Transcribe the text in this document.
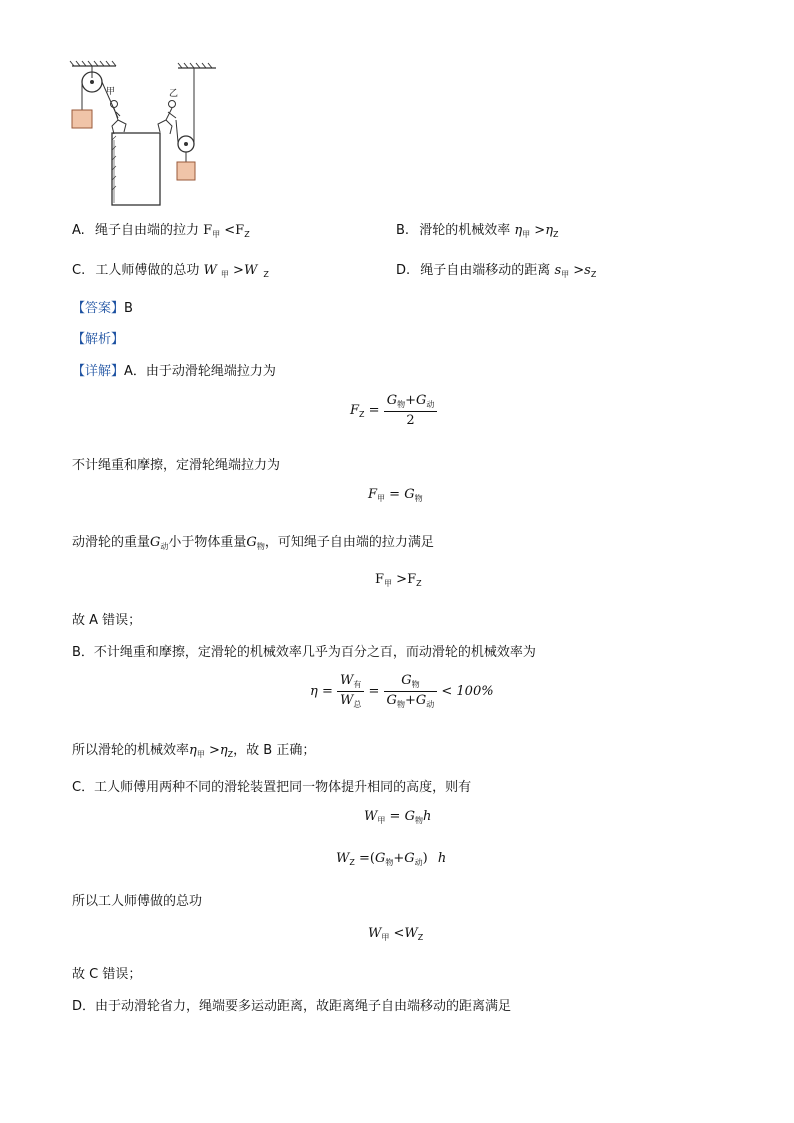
甲	乙
A. 绳子自由端的拉力 $F_甲 <F_Z$	B. 滑轮的机械效率 $\eta_甲 >\eta_Z$
C. 工人师傅做的总功 W $_甲$ >W $_Z$	D. 绳子自由端移动的距离 $s_甲 >s_Z$
【答案】B
【解析】
【详解】A．由于动滑轮绳端拉力为
$F_Z = \frac{G_物+G_动}{2}$
不计绳重和摩擦，定滑轮绳端拉力为
$F_甲 = G_物$
动滑轮的重量$G_动$小于物体重量$G_物$，可知绳子自由端的拉力满足
$F_甲 >F_Z$
故 A 错误；
B．不计绳重和摩擦，定滑轮的机械效率几乎为百分之百，而动滑轮的机械效率为
$\eta = \frac{W_有}{W_总} = \frac{G_物}{G_物+G_动} < 100\%$
所以滑轮的机械效率$\eta_甲 >\eta_Z$，故 B 正确；
C．工人师傅用两种不同的滑轮装置把同一物体提升相同的高度，则有
$W_甲 = G_物h$
$W_Z =(G_物+G_动)$ h
所以工人师傅做的总功
$W_甲 <W_Z$
故 C 错误；
D．由于动滑轮省力，绳端要多运动距离，故距离绳子自由端移动的距离满足
